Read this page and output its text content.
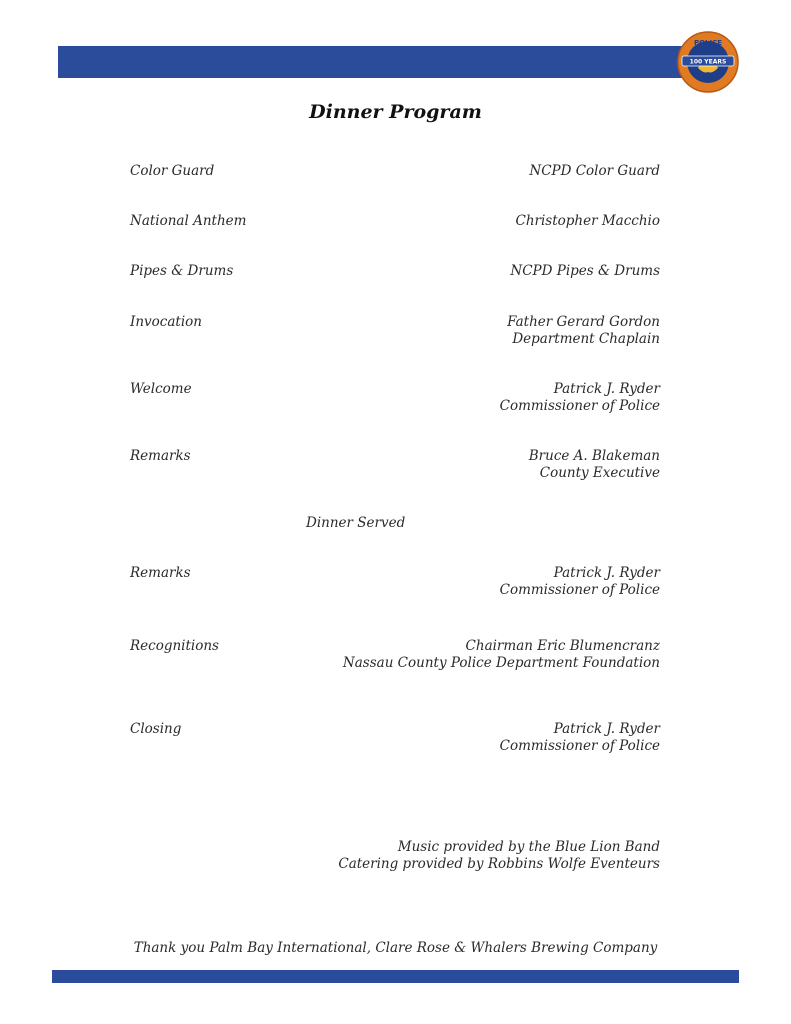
100 YEARS
POLICE
Dinner Program
Color Guard	NCPD Color Guard
National Anthem	Christopher Macchio
Pipes & Drums	NCPD Pipes & Drums
Invocation	Father Gerard Gordon
Department Chaplain
Welcome	Patrick J. Ryder
Commissioner of Police
Remarks	Bruce A. Blakeman
County Executive
Dinner Served
Remarks	Patrick J. Ryder
Commissioner of Police
Recognitions	Chairman Eric Blumencranz
Nassau County Police Department Foundation
Closing	Patrick J. Ryder
Commissioner of Police
Music provided by the Blue Lion Band
Catering provided by Robbins Wolfe Eventeurs
Thank you Palm Bay International, Clare Rose & Whalers Brewing Company
